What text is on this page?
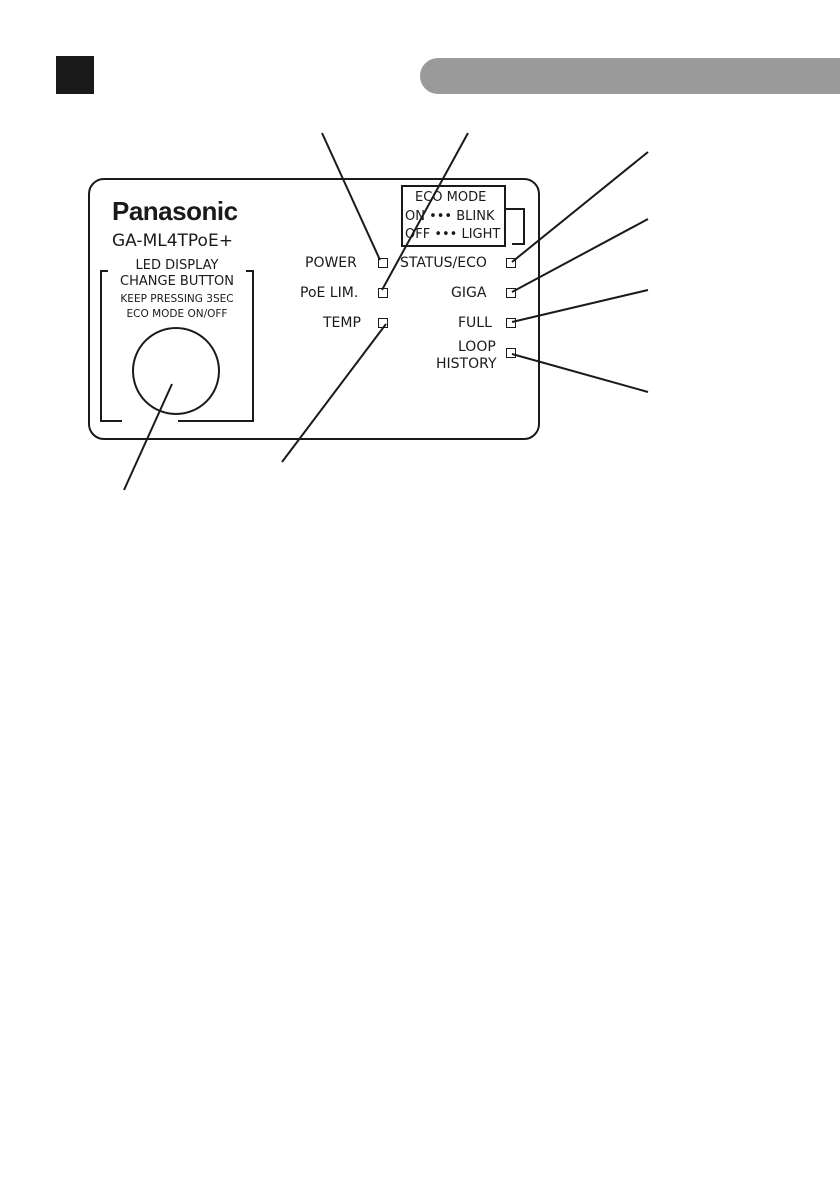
Panasonic
GA-ML4TPoE+
LED DISPLAY
CHANGE BUTTON
KEEP PRESSING 3SEC
ECO MODE ON/OFF
POWER
PoE LIM.
TEMP
ECO MODE
ON ••• BLINK
OFF ••• LIGHT
STATUS/ECO
GIGA
FULL
LOOP
HISTORY
